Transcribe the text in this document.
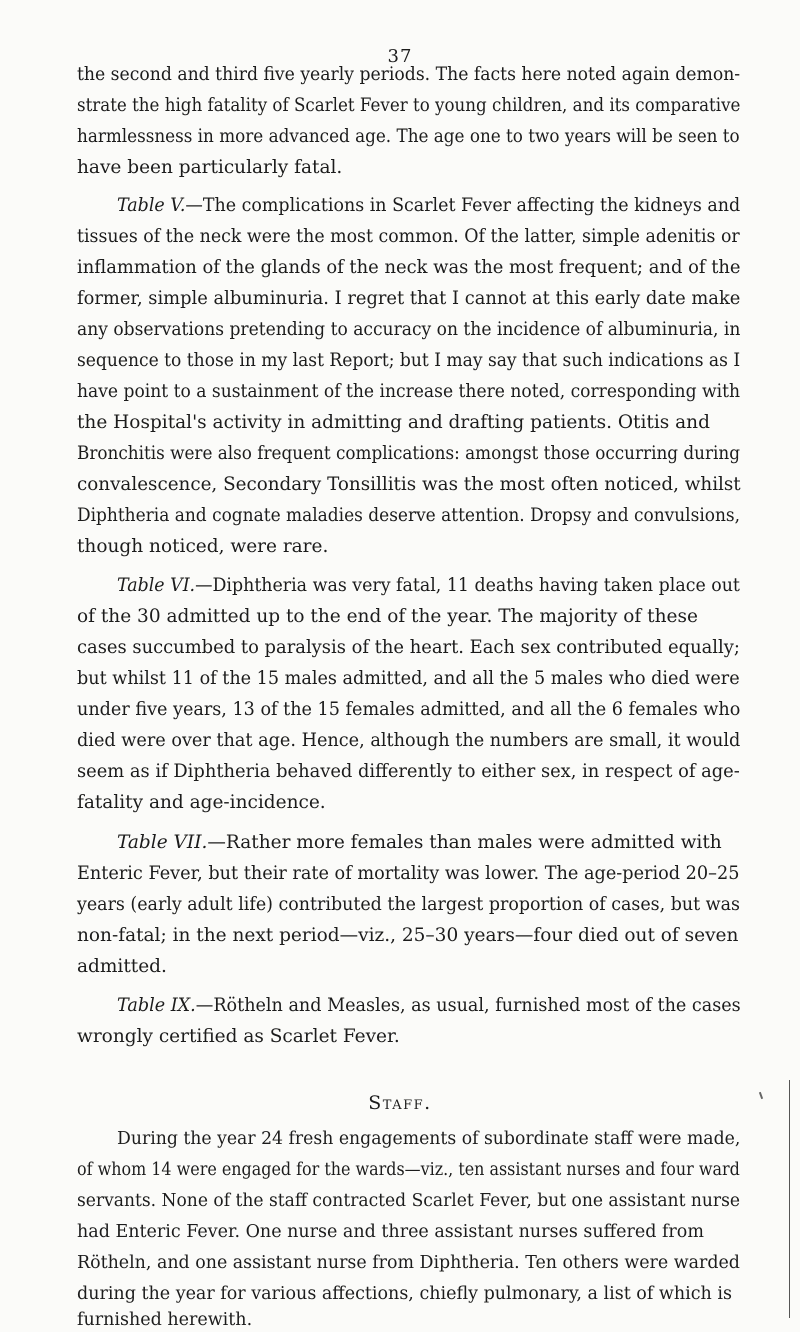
37
the second and third five yearly periods. The facts here noted again demon-
strate the high fatality of Scarlet Fever to young children, and its comparative
harmlessness in more advanced age. The age one to two years will be seen to
have been particularly fatal.
Table V.—The complications in Scarlet Fever affecting the kidneys and
tissues of the neck were the most common. Of the latter, simple adenitis or
inflammation of the glands of the neck was the most frequent; and of the
former, simple albuminuria. I regret that I cannot at this early date make
any observations pretending to accuracy on the incidence of albuminuria, in
sequence to those in my last Report; but I may say that such indications as I
have point to a sustainment of the increase there noted, corresponding with
the Hospital's activity in admitting and drafting patients. Otitis and
Bronchitis were also frequent complications: amongst those occurring during
convalescence, Secondary Tonsillitis was the most often noticed, whilst
Diphtheria and cognate maladies deserve attention. Dropsy and convulsions,
though noticed, were rare.
Table VI.—Diphtheria was very fatal, 11 deaths having taken place out
of the 30 admitted up to the end of the year. The majority of these
cases succumbed to paralysis of the heart. Each sex contributed equally;
but whilst 11 of the 15 males admitted, and all the 5 males who died were
under five years, 13 of the 15 females admitted, and all the 6 females who
died were over that age. Hence, although the numbers are small, it would
seem as if Diphtheria behaved differently to either sex, in respect of age-
fatality and age-incidence.
Table VII.—Rather more females than males were admitted with
Enteric Fever, but their rate of mortality was lower. The age-period 20–25
years (early adult life) contributed the largest proportion of cases, but was
non-fatal; in the next period—viz., 25–30 years—four died out of seven
admitted.
Table IX.—Rötheln and Measles, as usual, furnished most of the cases
wrongly certified as Scarlet Fever.
Staff.
During the year 24 fresh engagements of subordinate staff were made,
of whom 14 were engaged for the wards—viz., ten assistant nurses and four ward
servants. None of the staff contracted Scarlet Fever, but one assistant nurse
had Enteric Fever. One nurse and three assistant nurses suffered from
Rötheln, and one assistant nurse from Diphtheria. Ten others were warded
during the year for various affections, chiefly pulmonary, a list of which is
furnished herewith.
